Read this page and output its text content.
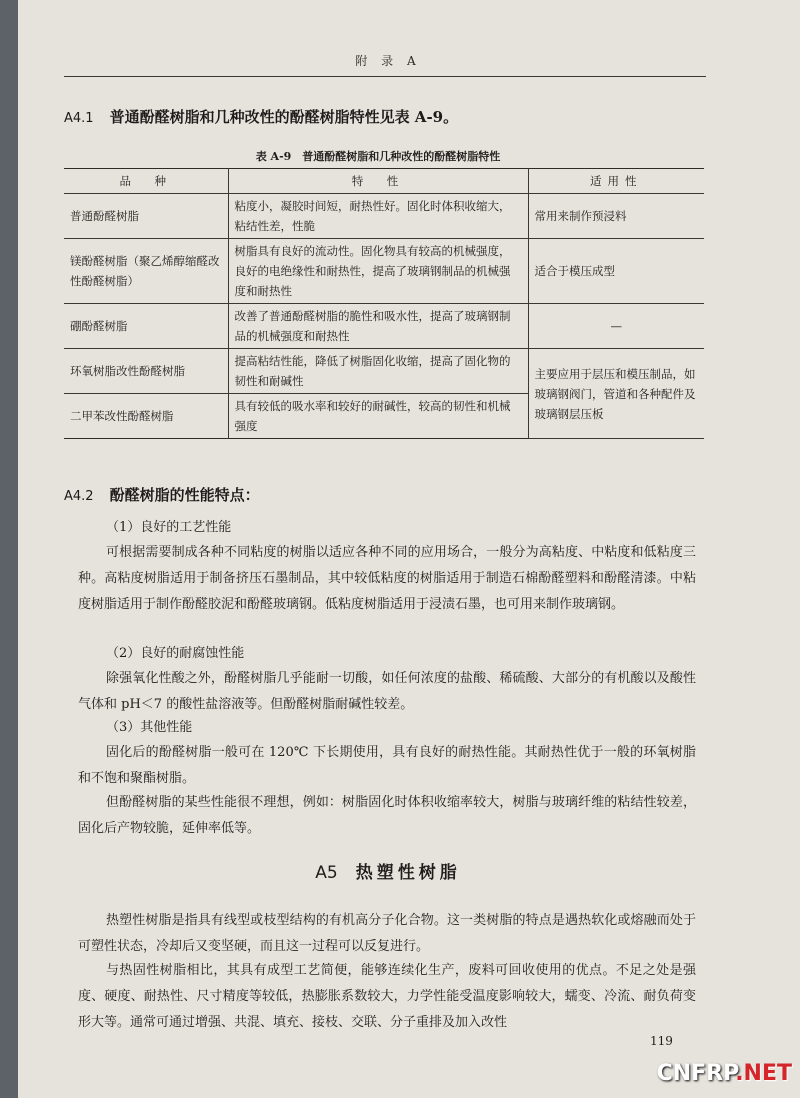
附 录 A
A4.1 普通酚醛树脂和几种改性的酚醛树脂特性见表 A-9。
表 A-9　普通酚醛树脂和几种改性的酚醛树脂特性
品　种	特　性	适用性
普通酚醛树脂	粘度小，凝胶时间短，耐热性好。固化时体积收缩大，粘结性差，性脆	常用来制作预浸料
镁酚醛树脂（聚乙烯醇缩醛改性酚醛树脂）	树脂具有良好的流动性。固化物具有较高的机械强度，良好的电绝缘性和耐热性，提高了玻璃钢制品的机械强度和耐热性	适合于模压成型
硼酚醛树脂	改善了普通酚醛树脂的脆性和吸水性，提高了玻璃钢制品的机械强度和耐热性	—

环氧树脂改性酚醛树脂	提高粘结性能，降低了树脂固化收缩，提高了固化物的韧性和耐碱性	主要应用于层压和模压制品，如玻璃钢阀门，管道和各种配件及玻璃钢层压板
二甲苯改性酚醛树脂	具有较低的吸水率和较好的耐碱性，较高的韧性和机械强度	
A4.2 酚醛树脂的性能特点：
（1）良好的工艺性能
可根据需要制成各种不同粘度的树脂以适应各种不同的应用场合，一般分为高粘度、中粘度和低粘度三种。高粘度树脂适用于制备挤压石墨制品，其中较低粘度的树脂适用于制造石棉酚醛塑料和酚醛清漆。中粘度树脂适用于制作酚醛胶泥和酚醛玻璃钢。低粘度树脂适用于浸渍石墨，也可用来制作玻璃钢。
（2）良好的耐腐蚀性能
除强氧化性酸之外，酚醛树脂几乎能耐一切酸，如任何浓度的盐酸、稀硫酸、大部分的有机酸以及酸性气体和 pH＜7 的酸性盐溶液等。但酚醛树脂耐碱性较差。
（3）其他性能
固化后的酚醛树脂一般可在 120℃ 下长期使用，具有良好的耐热性能。其耐热性优于一般的环氧树脂和不饱和聚酯树脂。
但酚醛树脂的某些性能很不理想，例如：树脂固化时体积收缩率较大，树脂与玻璃纤维的粘结性较差，固化后产物较脆，延伸率低等。
A5 热塑性树脂
热塑性树脂是指具有线型或枝型结构的有机高分子化合物。这一类树脂的特点是遇热软化或熔融而处于可塑性状态，冷却后又变坚硬，而且这一过程可以反复进行。
与热固性树脂相比，其具有成型工艺简便，能够连续化生产，废料可回收使用的优点。不足之处是强度、硬度、耐热性、尺寸精度等较低，热膨胀系数较大，力学性能受温度影响较大，蠕变、冷流、耐负荷变形大等。通常可通过增强、共混、填充、接枝、交联、分子重排及加入改性
119
CNFRP.NET
